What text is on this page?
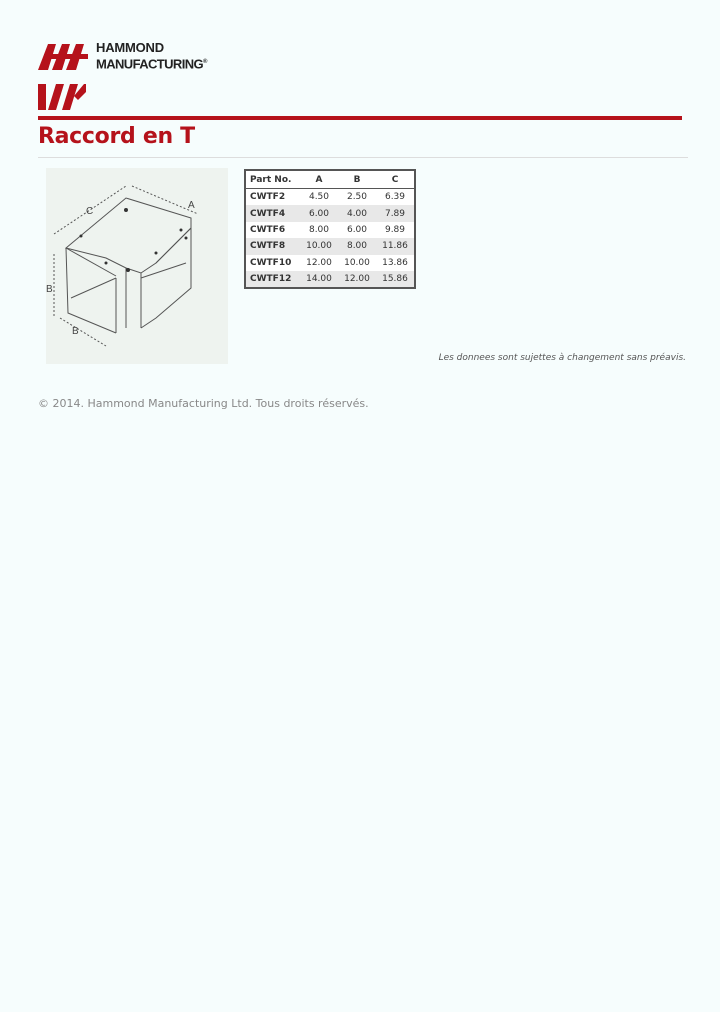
HAMMOND
MANUFACTURING®
Raccord en T
C
A
B
B
Part No.	A	B	C
CWTF2	4.50	2.50	6.39
CWTF4	6.00	4.00	7.89
CWTF6	8.00	6.00	9.89
CWTF8	10.00	8.00	11.86
CWTF10	12.00	10.00	13.86
CWTF12	14.00	12.00	15.86
Les donnees sont sujettes à changement sans préavis.
© 2014. Hammond Manufacturing Ltd. Tous droits réservés.
